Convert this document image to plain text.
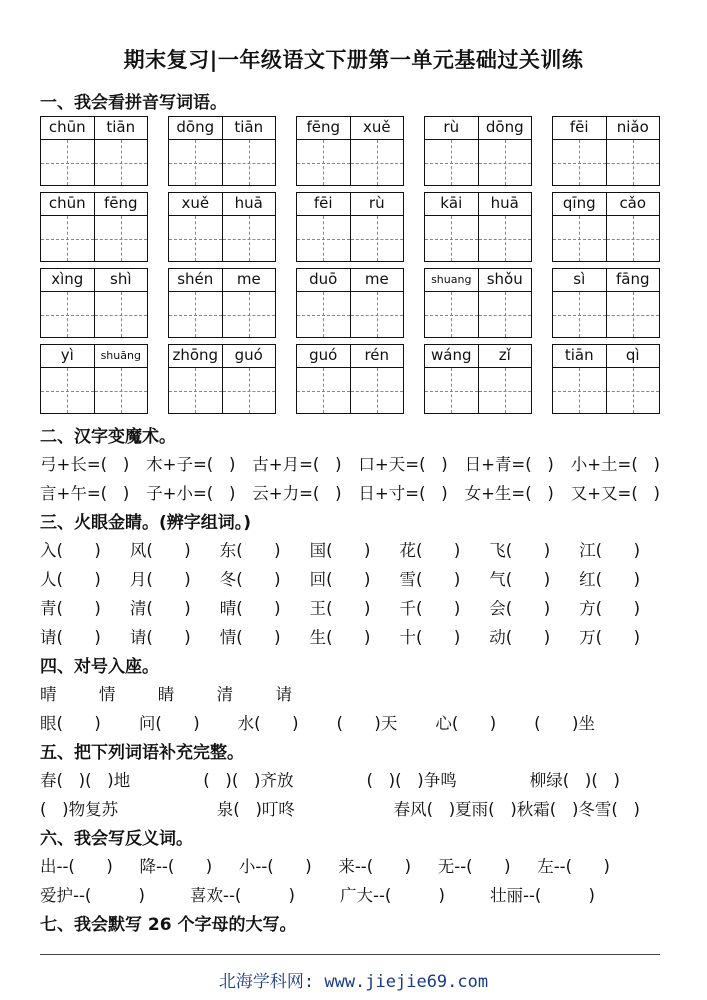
期末复习|一年级语文下册第一单元基础过关训练
一、我会看拼音写词语。
chūn	tiān	dōng	tiān	fēng	xuě	rù	dōng	fēi	niǎo
chūn	fēng	xuě	huā	fēi	rù	kāi	huā	qīng	cǎo
xìng	shì	shén	me	duō	me	shuang	shǒu	sì	fāng
yì	shuāng	zhōng	guó	guó	rén	wáng	zǐ	tiān	qì
二、汉字变魔术。
弓+长=(   ) 木+子=(   ) 古+月=(   ) 口+天=(   ) 日+青=(   ) 小+土=(   )
言+午=(   ) 子+小=(   ) 云+力=(   ) 日+寸=(   ) 女+生=(   ) 又+又=(   )
三、火眼金睛。(辨字组词。)
入(      ) 风(      ) 东(      ) 国(      ) 花(      ) 飞(      ) 江(      )
人(      ) 月(      ) 冬(      ) 回(      ) 雪(      ) 气(      ) 红(      )
青(      ) 清(      ) 晴(      ) 王(      ) 千(      ) 会(      ) 方(      )
请(      ) 请(      ) 情(      ) 生(      ) 十(      ) 动(      ) 万(      )
四、对号入座。
晴	情	睛	清	请
眼(      ) 问(      ) 水(      ) (      )天 心(      ) (      )坐
五、把下列词语补充完整。
春(   )(   )地	(   )(   )齐放	(   )(   )争鸣	柳绿(   )(   )
(   )物复苏	泉(   )叮咚	春风(   )夏雨(   )秋霜(   )冬雪(   )
六、我会写反义词。
出--(      ) 降--(      ) 小--(      ) 来--(      ) 无--(      ) 左--(      )
爱护--(         )	喜欢--(         )	广大--(         )	壮丽--(         )
七、我会默写 26 个字母的大写。
北海学科网: www.jiejie69.com
